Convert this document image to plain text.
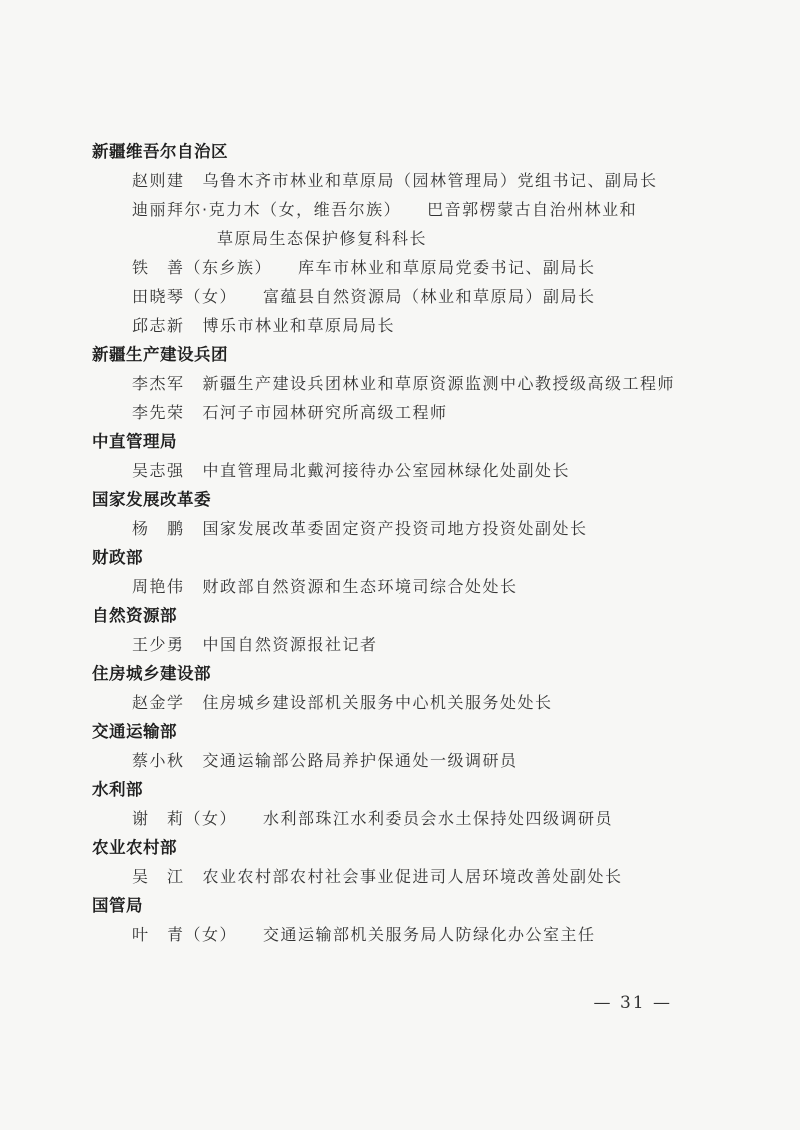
新疆维吾尔自治区
赵则建 乌鲁木齐市林业和草原局（园林管理局）党组书记、副局长
迪丽拜尔·克力木（女，维吾尔族） 巴音郭楞蒙古自治州林业和
草原局生态保护修复科科长
铁　善（东乡族） 库车市林业和草原局党委书记、副局长
田晓琴（女） 富蕴县自然资源局（林业和草原局）副局长
邱志新 博乐市林业和草原局局长
新疆生产建设兵团
李杰军 新疆生产建设兵团林业和草原资源监测中心教授级高级工程师
李先荣 石河子市园林研究所高级工程师
中直管理局
吴志强 中直管理局北戴河接待办公室园林绿化处副处长
国家发展改革委
杨　鹏 国家发展改革委固定资产投资司地方投资处副处长
财政部
周艳伟 财政部自然资源和生态环境司综合处处长
自然资源部
王少勇 中国自然资源报社记者
住房城乡建设部
赵金学 住房城乡建设部机关服务中心机关服务处处长
交通运输部
蔡小秋 交通运输部公路局养护保通处一级调研员
水利部
谢　莉（女） 水利部珠江水利委员会水土保持处四级调研员
农业农村部
吴　江 农业农村部农村社会事业促进司人居环境改善处副处长
国管局
叶　青（女） 交通运输部机关服务局人防绿化办公室主任
— 31 —
